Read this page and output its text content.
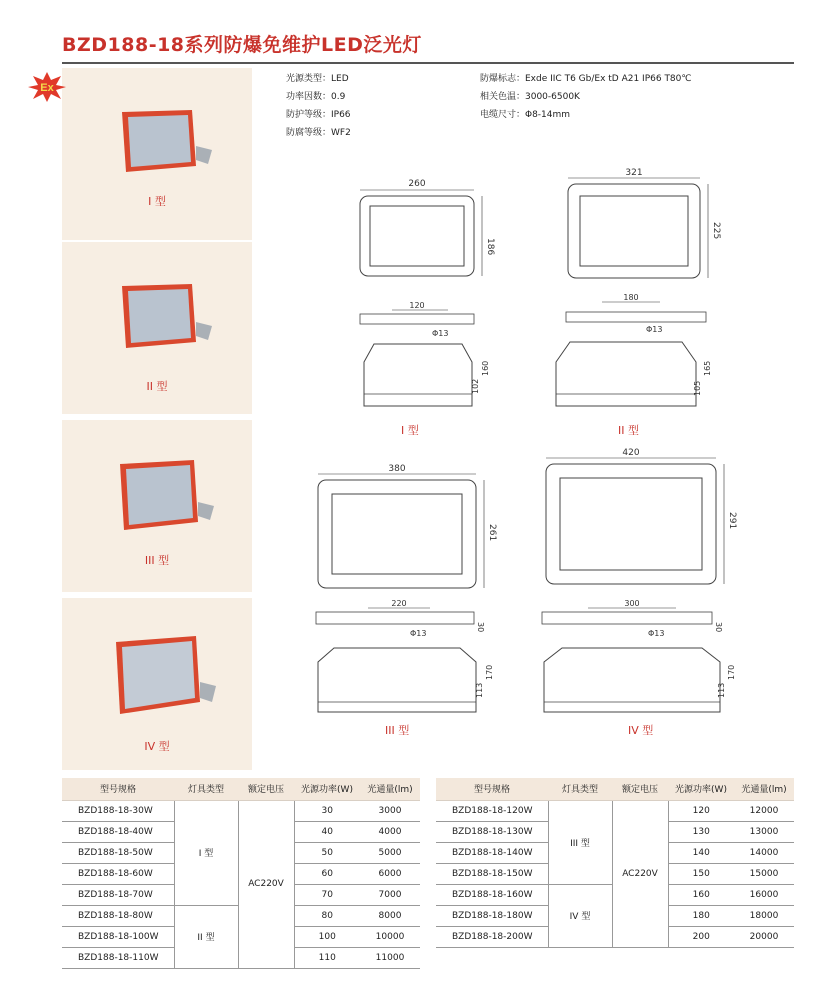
BZD188-18系列防爆免维护LED泛光灯
I 型
Ex
II 型
III 型
IV 型
光源类型：LED
功率因数：0.9
防护等级：IP66
防腐等级：WF2
防爆标志：Exde IIC T6 Gb/Ex tD A21 IP66 T80℃
相关色温：3000-6500K
电缆尺寸：Φ8-14mm
260
186
120
Φ13
102
160
I 型
321
225
180
Φ13
105
165
II 型
380
261
220
30
Φ13
113
170
III 型
420
291
300
30
Φ13
113
170
IV 型
型号规格	灯具类型	额定电压	光源功率(W)	光通量(lm)
BZD188-18-30W	I 型	AC220V	30	3000
BZD188-18-40W			40	4000
BZD188-18-50W			50	5000
BZD188-18-60W			60	6000
BZD188-18-70W			70	7000
BZD188-18-80W	II 型		80	8000
BZD188-18-100W			100	10000
BZD188-18-110W			110	11000
型号规格	灯具类型	额定电压	光源功率(W)	光通量(lm)
BZD188-18-120W	III 型	AC220V	120	12000
BZD188-18-130W			130	13000
BZD188-18-140W			140	14000
BZD188-18-150W			150	15000
BZD188-18-160W	IV 型		160	16000
BZD188-18-180W			180	18000
BZD188-18-200W			200	20000
